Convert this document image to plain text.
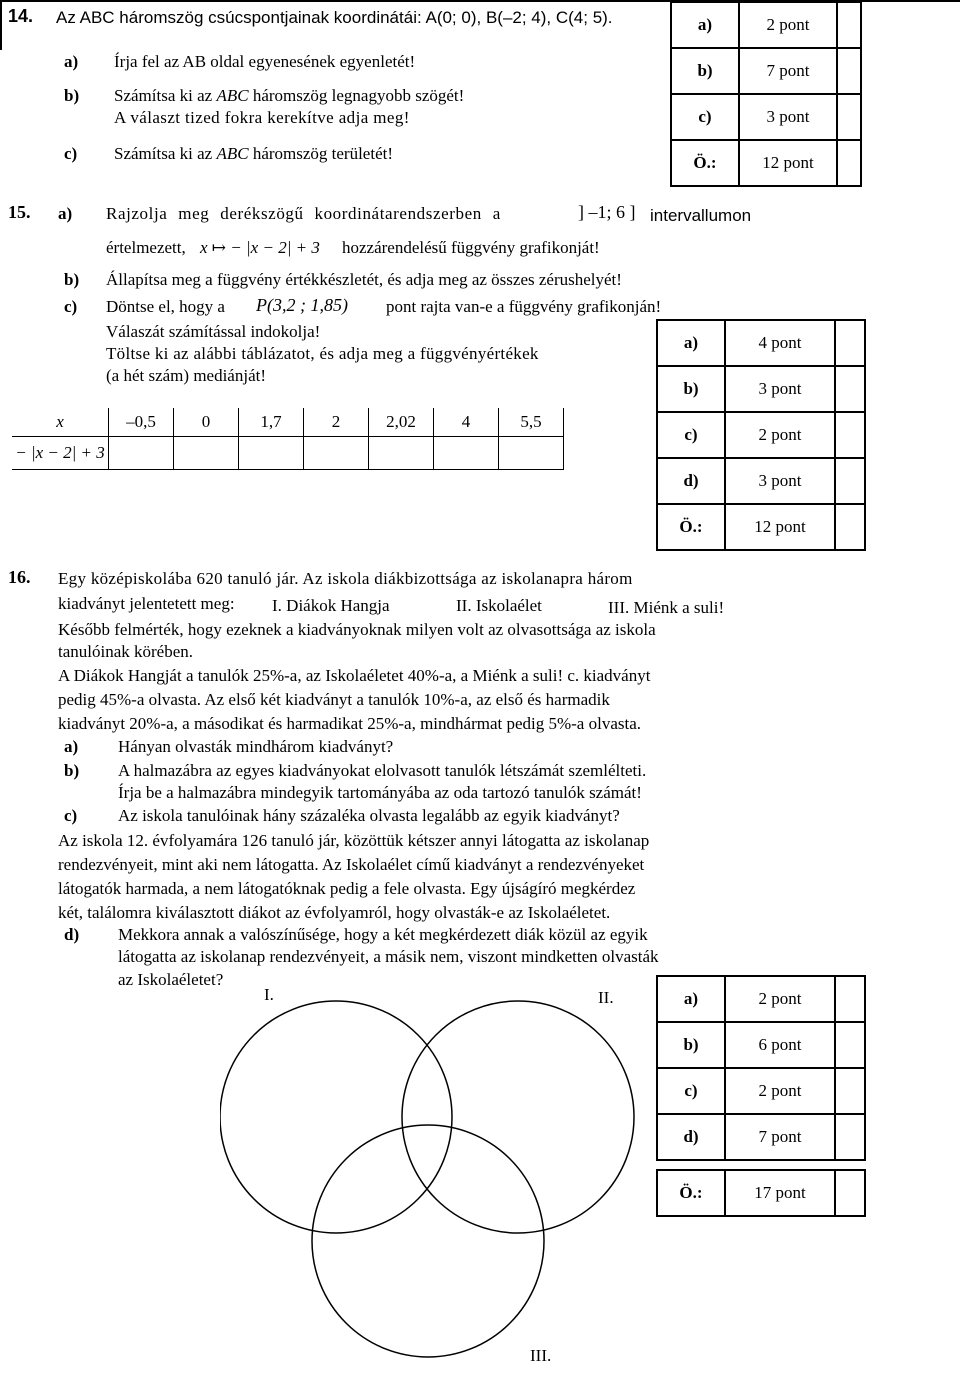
14. Az ABC háromszög csúcspontjainak koordinátái: A(0; 0), B(–2; 4), C(4; 5).
a) Írja fel az AB oldal egyenesének egyenletét!
b) Számítsa ki az ABC háromszög legnagyobb szögét!
A választ tized fokra kerekítve adja meg!
c) Számítsa ki az ABC háromszög területét!
a)	2 pont	
b)	7 pont	
c)	3 pont	
Ö.:	12 pont	
15. a) Rajzolja meg derékszögű koordinátarendszerben a	] –1; 6 ] intervallumon
értelmezett, x ↦ − |x − 2| + 3 hozzárendelésű függvény grafikonját!
b) Állapítsa meg a függvény értékkészletét, és adja meg az összes zérushelyét!
c) Döntse el, hogy a P(3,2 ; 1,85) pont rajta van-e a függvény grafikonján!
Válaszát számítással indokolja!
Töltse ki az alábbi táblázatot, és adja meg a függvényértékek
(a hét szám) mediánját!
x	–0,5	0	1,7	2	2,02	4	5,5
− |x − 2| + 3							
a)	4 pont	
b)	3 pont	
c)	2 pont	
d)	3 pont	
Ö.:	12 pont	
16. Egy középiskolába 620 tanuló jár. Az iskola diákbizottsága az iskolanapra három
kiadványt jelentetett meg: I. Diákok Hangja	II. Iskolaélet	III. Miénk a suli!
Később felmérték, hogy ezeknek a kiadványoknak milyen volt az olvasottsága az iskola
tanulóinak körében.
A Diákok Hangját a tanulók 25%-a, az Iskolaéletet 40%-a, a Miénk a suli! c. kiadványt
pedig 45%-a olvasta. Az első két kiadványt a tanulók 10%-a, az első és harmadik
kiadványt 20%-a, a másodikat és harmadikat 25%-a, mindhármat pedig 5%-a olvasta.
a) Hányan olvasták mindhárom kiadványt?
b) A halmazábra az egyes kiadványokat elolvasott tanulók létszámát szemlélteti.
Írja be a halmazábra mindegyik tartományába az oda tartozó tanulók számát!
c) Az iskola tanulóinak hány százaléka olvasta legalább az egyik kiadványt?
Az iskola 12. évfolyamára 126 tanuló jár, közöttük kétszer annyi látogatta az iskolanap
rendezvényeit, mint aki nem látogatta. Az Iskolaélet című kiadványt a rendezvényeket
látogatók harmada, a nem látogatóknak pedig a fele olvasta. Egy újságíró megkérdez
két, találomra kiválasztott diákot az évfolyamról, hogy olvasták-e az Iskolaéletet.
d) Mekkora annak a valószínűsége, hogy a két megkérdezett diák közül az egyik
látogatta az iskolanap rendezvényeit, a másik nem, viszont mindketten olvasták
az Iskolaéletet?
I.	II.
III.
a)	2 pont	
b)	6 pont	
c)	2 pont	
d)	7 pont	

Ö.:	17 pont	
